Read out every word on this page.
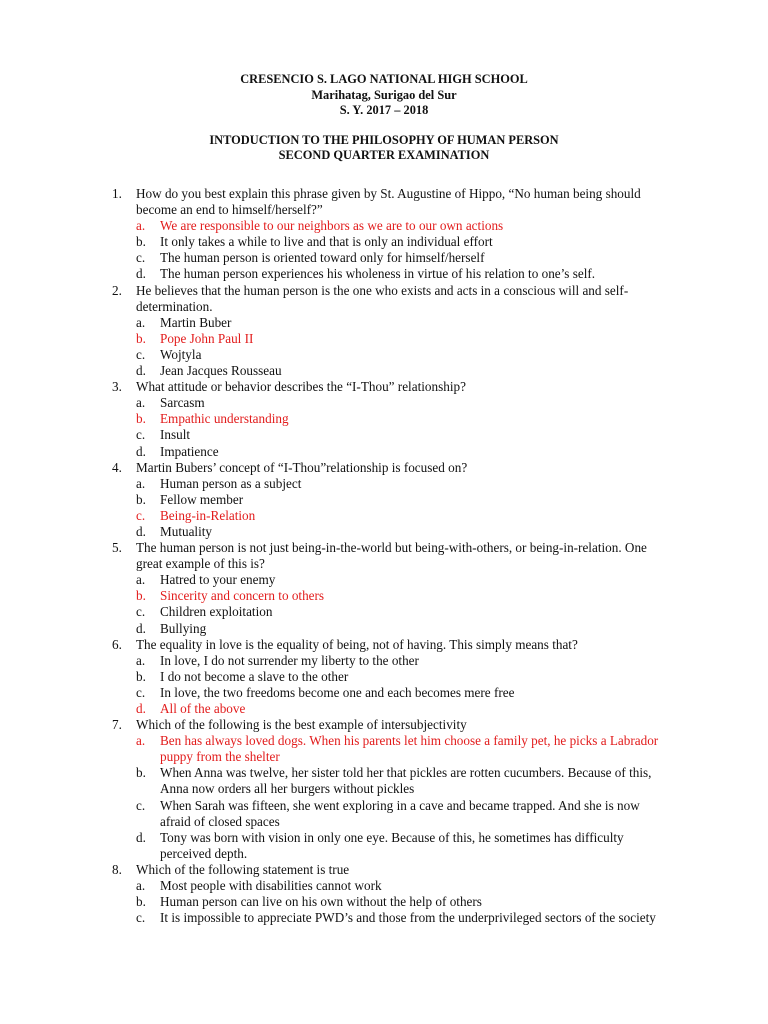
CRESENCIO S. LAGO NATIONAL HIGH SCHOOL
Marihatag, Surigao del Sur
S. Y. 2017 – 2018
INTODUCTION TO THE PHILOSOPHY OF HUMAN PERSON
SECOND QUARTER EXAMINATION
1. How do you best explain this phrase given by St. Augustine of Hippo, “No human being should become an end to himself/herself?”
a. We are responsible to our neighbors as we are to our own actions
b. It only takes a while to live and that is only an individual effort
c. The human person is oriented toward only for himself/herself
d. The human person experiences his wholeness in virtue of his relation to one’s self.
2. He believes that the human person is the one who exists and acts in a conscious will and self-determination.
a. Martin Buber
b. Pope John Paul II
c. Wojtyla
d. Jean Jacques Rousseau
3. What attitude or behavior describes the “I-Thou” relationship?
a. Sarcasm
b. Empathic understanding
c. Insult
d. Impatience
4. Martin Bubers’ concept of “I-Thou”relationship is focused on?
a. Human person as a subject
b. Fellow member
c. Being-in-Relation
d. Mutuality
5. The human person is not just being-in-the-world but being-with-others, or being-in-relation. One great example of this is?
a. Hatred to your enemy
b. Sincerity and concern to others
c. Children exploitation
d. Bullying
6. The equality in love is the equality of being, not of having. This simply means that?
a. In love, I do not surrender my liberty to the other
b. I do not become a slave to the other
c. In love, the two freedoms become one and each becomes mere free
d. All of the above
7. Which of the following is the best example of intersubjectivity
a. Ben has always loved dogs. When his parents let him choose a family pet, he picks a Labrador puppy from the shelter
b. When Anna was twelve, her sister told her that pickles are rotten cucumbers. Because of this, Anna now orders all her burgers without pickles
c. When Sarah was fifteen, she went exploring in a cave and became trapped. And she is now afraid of closed spaces
d. Tony was born with vision in only one eye. Because of this, he sometimes has difficulty perceived depth.
8. Which of the following statement is true
a. Most people with disabilities cannot work
b. Human person can live on his own without the help of others
c. It is impossible to appreciate PWD’s and those from the underprivileged sectors of the society
